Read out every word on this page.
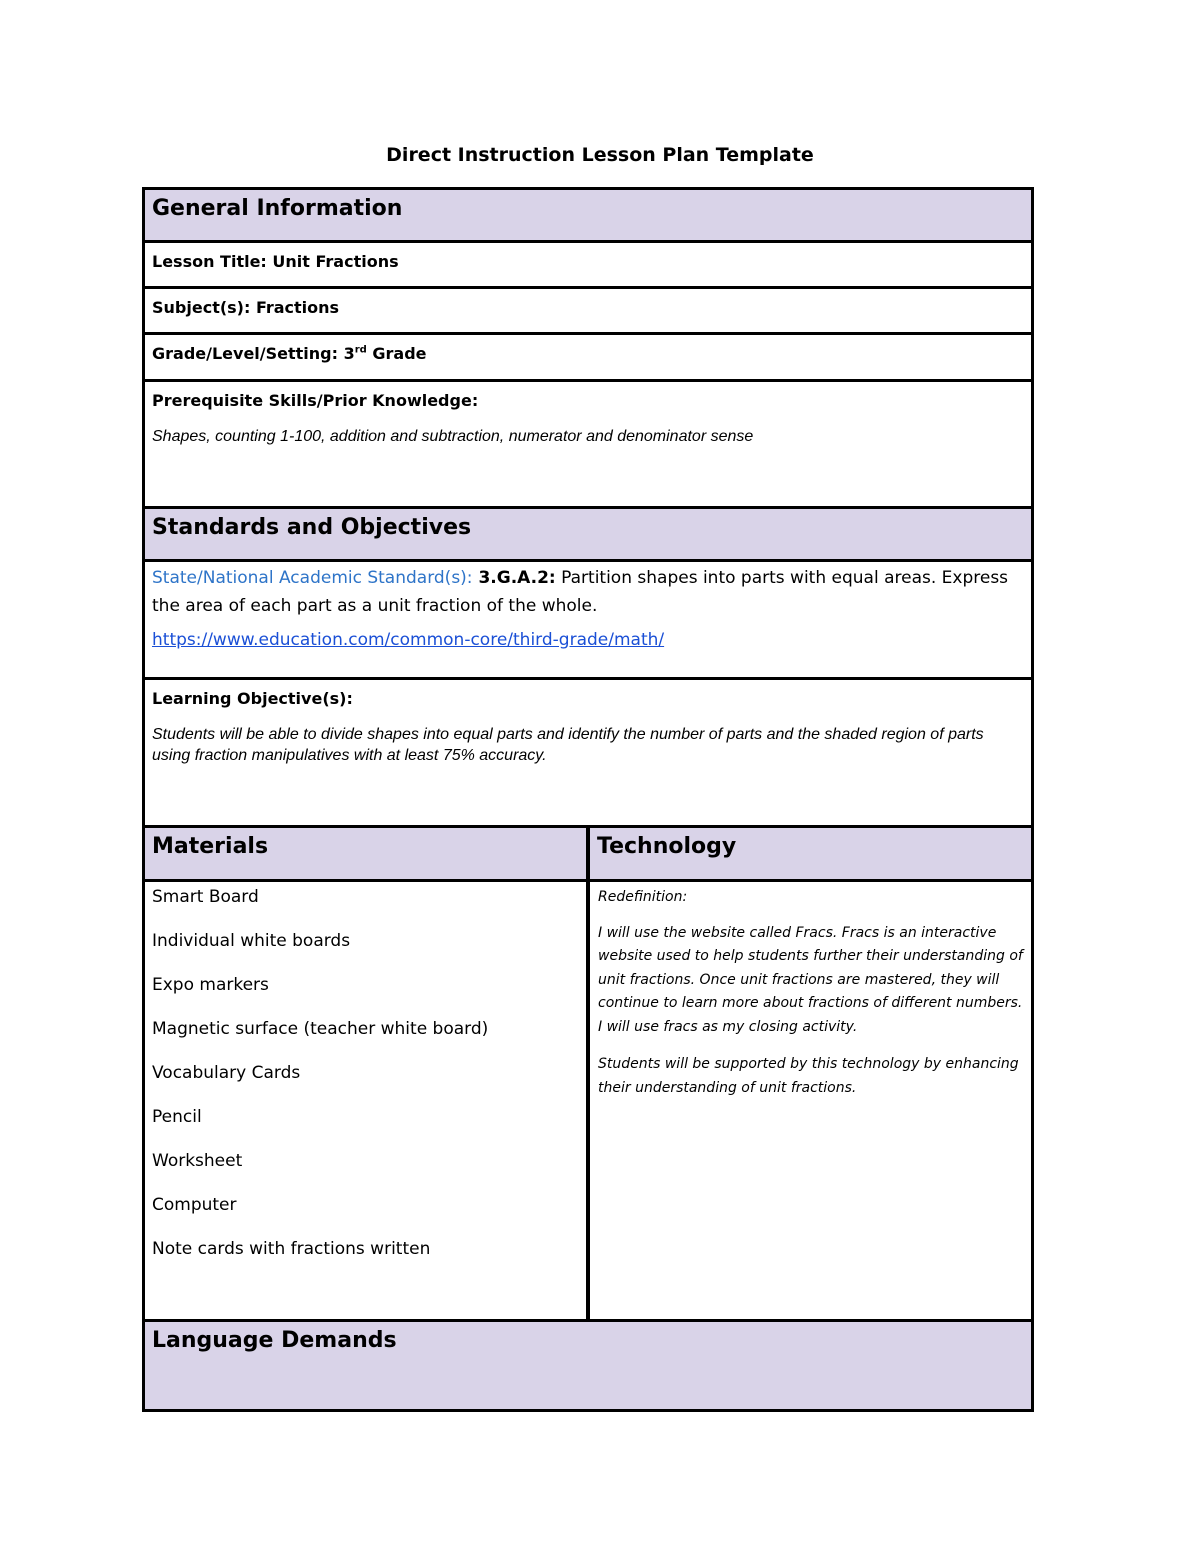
Direct Instruction Lesson Plan Template
General Information
Lesson Title: Unit Fractions
Subject(s): Fractions
Grade/Level/Setting: 3rd Grade
Prerequisite Skills/Prior Knowledge:
Shapes, counting 1-100, addition and subtraction, numerator and denominator sense
Standards and Objectives
State/National Academic Standard(s): 3.G.A.2: Partition shapes into parts with equal areas. Express the area of each part as a unit fraction of the whole.
https://www.education.com/common-core/third-grade/math/
Learning Objective(s):
Students will be able to divide shapes into equal parts and identify the number of parts and the shaded region of parts using fraction manipulatives with at least 75% accuracy.
Materials	Technology
Smart Board
Individual white boards
Expo markers
Magnetic surface (teacher white board)
Vocabulary Cards
Pencil
Worksheet
Computer
Note cards with fractions written

Redefinition:

I will use the website called Fracs. Fracs is an interactive website used to help students further their understanding of unit fractions. Once unit fractions are mastered, they will continue to learn more about fractions of different numbers. I will use fracs as my closing activity.

Students will be supported by this technology by enhancing their understanding of unit fractions.

Language Demands
